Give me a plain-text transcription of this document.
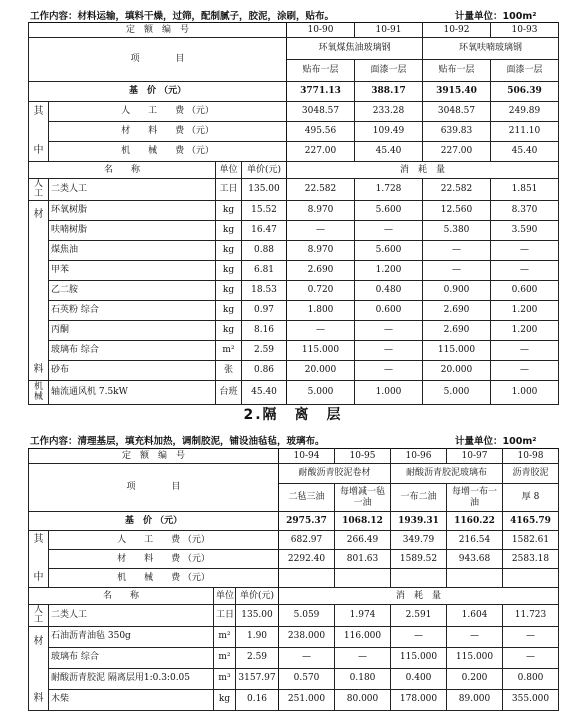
工作内容：材料运输，填料干燥，过筛，配制腻子，胶泥，涂刷，贴布。	计量单位：100m²
定　额　编　号				10-90	10-91	10-92	10-93
项　　　　目				环氧煤焦油玻璃钢		环氧呋喃玻璃钢	
				贴布一层	面漆一层	贴布一层	面漆一层
基　价 （元）				3771.13	388.17	3915.40	506.39
其	人　　工　　费 （元）			3048.57	233.28	3048.57	249.89
	材　　料　　费 （元）			495.56	109.49	639.83	211.10
中	机　　械　　费 （元）			227.00	45.40	227.00	45.40
名　　称		单位	单价(元)	消　耗　量			
人工	二类人工	工日	135.00	22.582	1.728	22.582	1.851
材	环氧树脂	kg	15.52	8.970	5.600	12.560	8.370
	呋喃树脂	kg	16.47	—	—	5.380	3.590
	煤焦油	kg	0.88	8.970	5.600	—	—
	甲苯	kg	6.81	2.690	1.200	—	—
	乙二胺	kg	18.53	0.720	0.480	0.900	0.600
	石英粉 综合	kg	0.97	1.800	0.600	2.690	1.200
	丙酮	kg	8.16	—	—	2.690	1.200
	玻璃布 综合	m²	2.59	115.000	—	115.000	—
料	砂布	张	0.86	20.000	—	20.000	—
机械	轴流通风机 7.5kW	台班	45.40	5.000	1.000	5.000	1.000
2.隔　离　层
工作内容：清理基层，填充料加热，调制胶泥，铺设油毡毡，玻璃布。	计量单位：100m²
定　额　编　号				10-94	10-95	10-96	10-97	10-98
项　　　　目				耐酸沥青胶泥卷材		耐酸沥青胶泥玻璃布		沥青胶泥
				二毡三油	每增减一毡一油	一布二油	每增一布一油	厚 8
基　价 （元）				2975.37	1068.12	1939.31	1160.22	4165.79
其	人　　工　　费 （元）			682.97	266.49	349.79	216.54	1582.61
	材　　料　　费 （元）			2292.40	801.63	1589.52	943.68	2583.18
中	机　　械　　费 （元）							
名　　称		单位	单价(元)	消　耗　量				
人工	二类人工	工日	135.00	5.059	1.974	2.591	1.604	11.723
材	石油沥青油毡 350g	m²	1.90	238.000	116.000	—	—	—
	玻璃布 综合	m²	2.59	—	—	115.000	115.000	—
	耐酸沥青胶泥 隔离层用1:0.3:0.05	m³	3157.97	0.570	0.180	0.400	0.200	0.800
料	木柴	kg	0.16	251.000	80.000	178.000	89.000	355.000
